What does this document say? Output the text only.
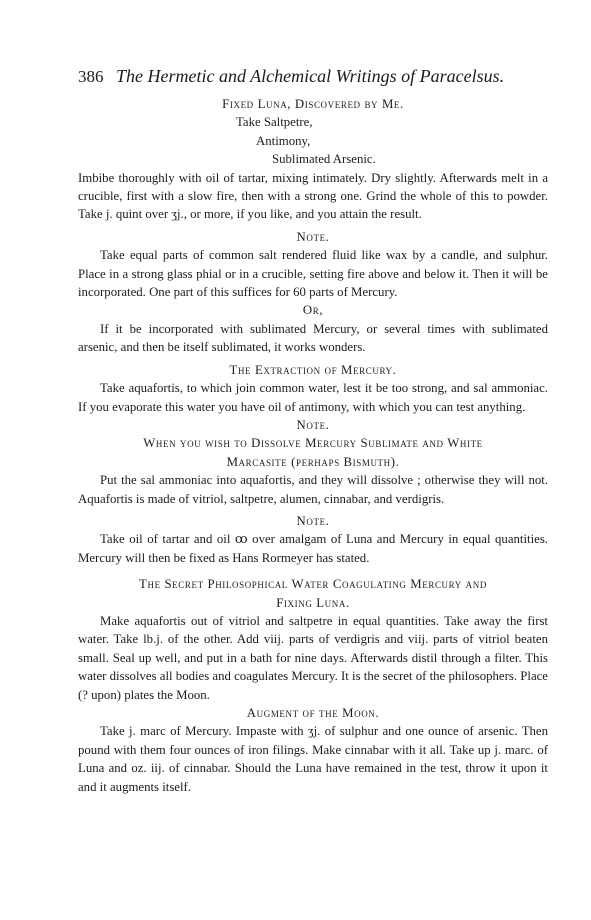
386 The Hermetic and Alchemical Writings of Paracelsus.

Fixed Luna, Discovered by Me.

Take Saltpetre,
Antimony,
Sublimated Arsenic.

Imbibe thoroughly with oil of tartar, mixing intimately. Dry slightly. Afterwards melt in a crucible, first with a slow fire, then with a strong one. Grind the whole of this to powder. Take j. quint over ʒj., or more, if you like, and you attain the result.

Note.

Take equal parts of common salt rendered fluid like wax by a candle, and sulphur. Place in a strong glass phial or in a crucible, setting fire above and below it. Then it will be incorporated. One part of this suffices for 60 parts of Mercury.

Or,

If it be incorporated with sublimated Mercury, or several times with sublimated arsenic, and then be itself sublimated, it works wonders.

The Extraction of Mercury.

Take aquafortis, to which join common water, lest it be too strong, and sal ammoniac. If you evaporate this water you have oil of antimony, with which you can test anything.

Note.

When you wish to Dissolve Mercury Sublimate and White

Marcasite (perhaps Bismuth).

Put the sal ammoniac into aquafortis, and they will dissolve ; otherwise they will not. Aquafortis is made of vitriol, saltpetre, alumen, cinnabar, and verdigris.

Note.

Take oil of tartar and oil ꝏ over amalgam of Luna and Mercury in equal quantities. Mercury will then be fixed as Hans Rormeyer has stated.

The Secret Philosophical Water Coagulating Mercury and

Fixing Luna.

Make aquafortis out of vitriol and saltpetre in equal quantities. Take away the first water. Take lb.j. of the other. Add viij. parts of verdigris and viij. parts of vitriol beaten small. Seal up well, and put in a bath for nine days. Afterwards distil through a filter. This water dissolves all bodies and coagulates Mercury. It is the secret of the philosophers. Place (? upon) plates the Moon.

Augment of the Moon.

Take j. marc of Mercury. Impaste with ʒj. of sulphur and one ounce of arsenic. Then pound with them four ounces of iron filings. Make cinnabar with it all. Take up j. marc. of Luna and oz. iij. of cinnabar. Should the Luna have remained in the test, throw it upon it and it augments itself.
